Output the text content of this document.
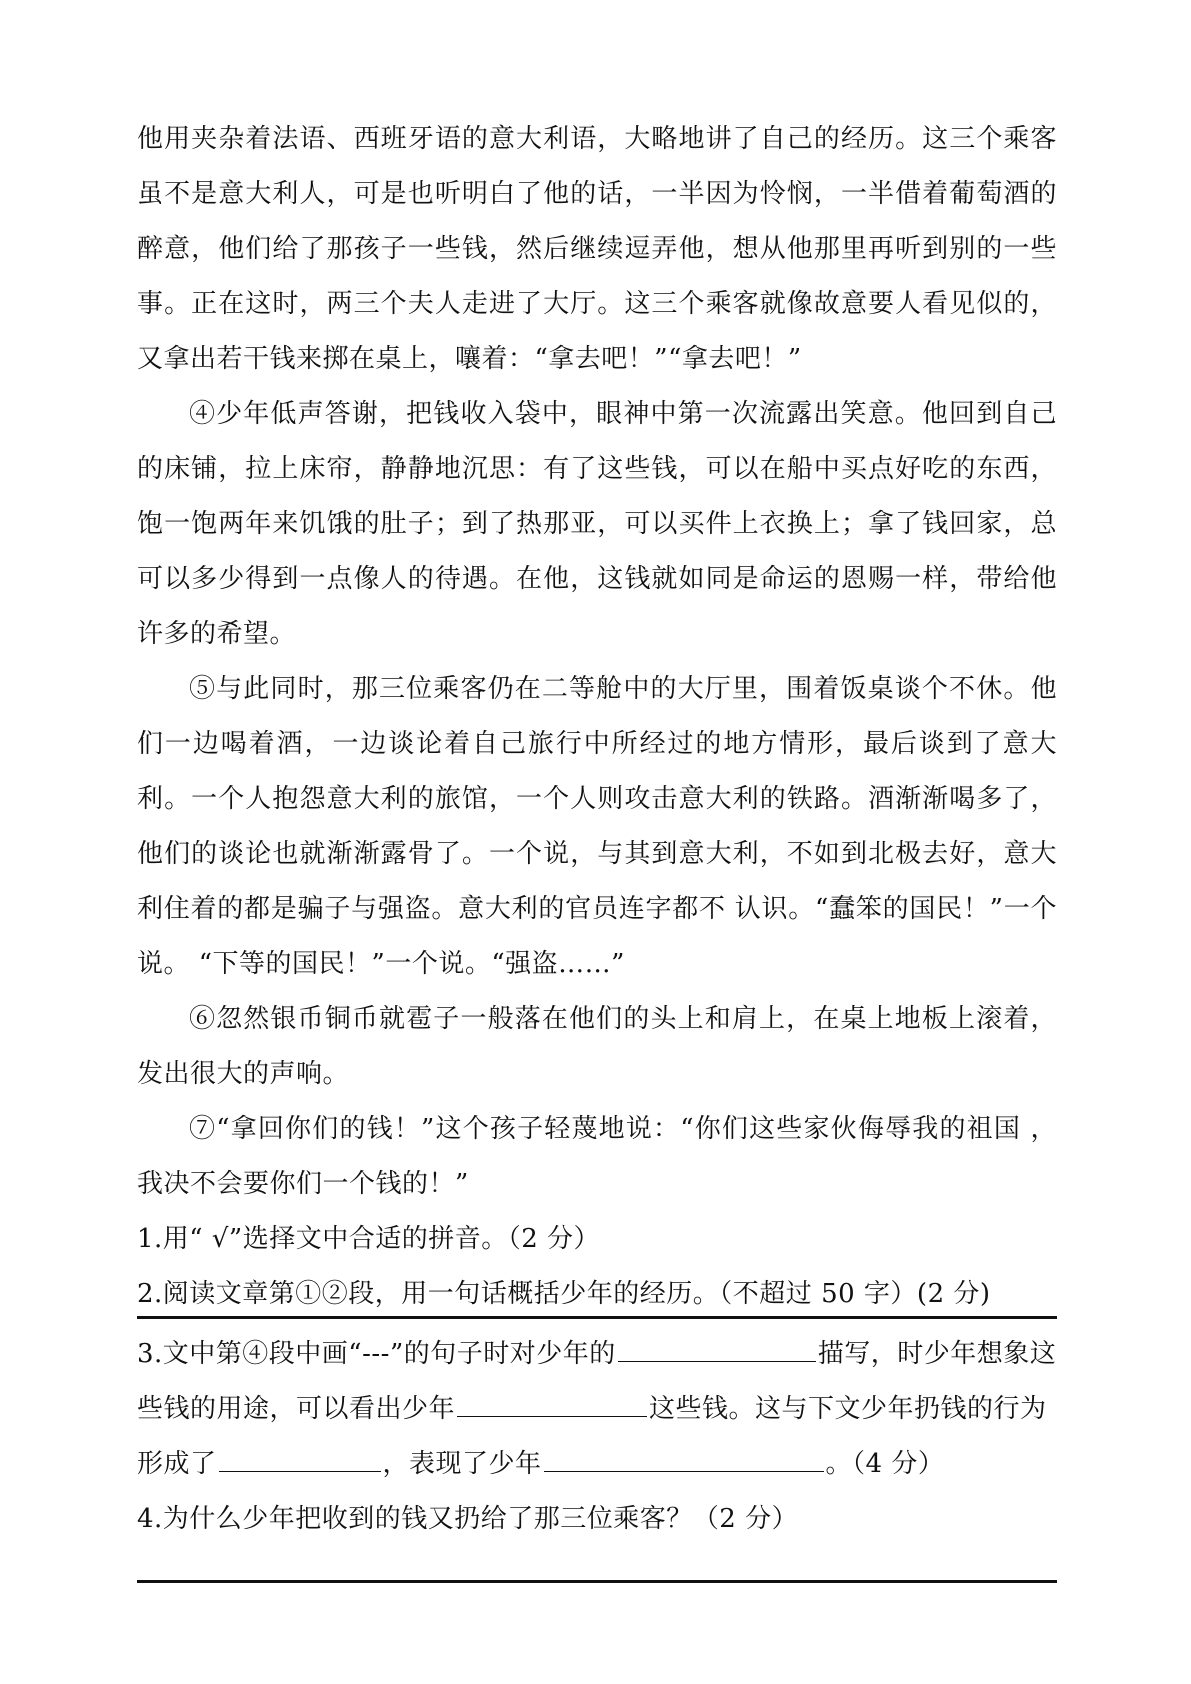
他用夹杂着法语、西班牙语的意大利语，大略地讲了自己的经历。这三个乘客虽不是意大利人，可是也听明白了他的话，一半因为怜悯，一半借着葡萄酒的醉意，他们给了那孩子一些钱，然后继续逗弄他，想从他那里再听到别的一些事。正在这时，两三个夫人走进了大厅。这三个乘客就像故意要人看见似的，又拿出若干钱来掷在桌上，嚷着：“拿去吧！”“拿去吧！”

④少年低声答谢，把钱收入袋中，眼神中第一次流露出笑意。他回到自己的床铺，拉上床帘，静静地沉思：有了这些钱，可以在船中买点好吃的东西，饱一饱两年来饥饿的肚子；到了热那亚，可以买件上衣换上；拿了钱回家，总可以多少得到一点像人的待遇。在他，这钱就如同是命运的恩赐一样，带给他许多的希望。

⑤与此同时，那三位乘客仍在二等舱中的大厅里，围着饭桌谈个不休。他们一边喝着酒，一边谈论着自己旅行中所经过的地方情形，最后谈到了意大利。一个人抱怨意大利的旅馆，一个人则攻击意大利的铁路。酒渐渐喝多了，他们的谈论也就渐渐露骨了。一个说，与其到意大利，不如到北极去好，意大利住着的都是骗子与强盗。意大利的官员连字都不 认识。“蠢笨的国民！”一个说。 “下等的国民！”一个说。“强盗……”

⑥忽然银币铜币就雹子一般落在他们的头上和肩上，在桌上地板上滚着，发出很大的声响。

⑦“拿回你们的钱！”这个孩子轻蔑地说：“你们这些家伙侮辱我的祖国 ，我决不会要你们一个钱的！”

1.用“ √”选择文中合适的拼音。（2 分）

2.阅读文章第①②段，用一句话概括少年的经历。（不超过 50 字）(2 分)

3.文中第④段中画“---”的句子时对少年的	描写，时少年想象这些钱的用途，可以看出少年	这些钱。这与下文少年扔钱的行为形成了	，表现了少年	。（4 分）

4.为什么少年把收到的钱又扔给了那三位乘客？（2 分）
